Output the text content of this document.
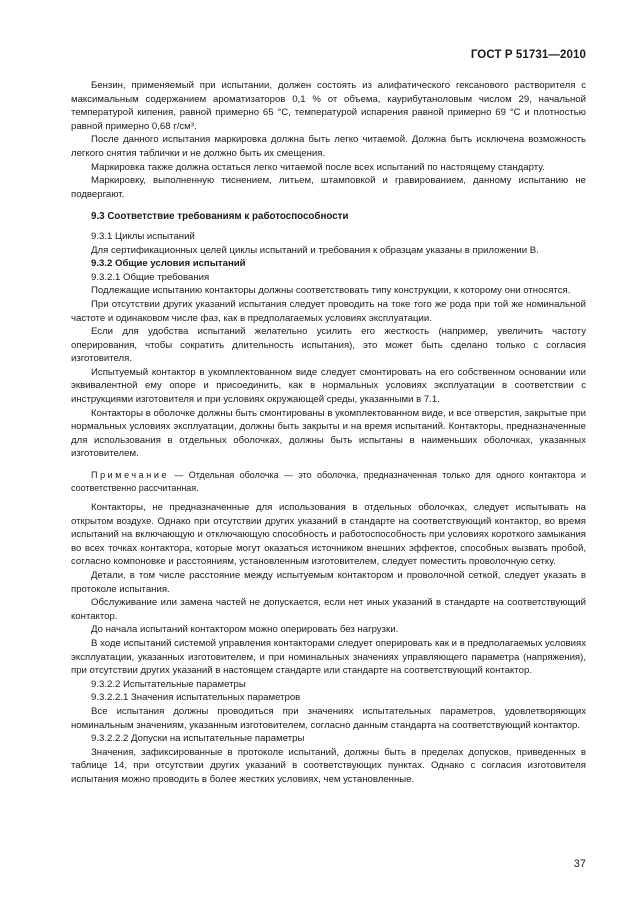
ГОСТ Р 51731—2010

Бензин, применяемый при испытании, должен состоять из алифатического гексанового растворителя с максимальным содержанием ароматизаторов 0,1 % от объема, каурибутаноловым числом 29, начальной температурой кипения, равной примерно 65 °С, температурой испарения равной примерно 69 °С и плотностью равной примерно 0,68 г/см³.

После данного испытания маркировка должна быть легко читаемой. Должна быть исключена возможность легкого снятия таблички и не должно быть их смещения.

Маркировка также должна остаться легко читаемой после всех испытаний по настоящему стандарту.

Маркировку, выполненную тиснением, литьем, штамповкой и гравированием, данному испытанию не подвергают.

9.3 Соответствие требованиям к работоспособности

9.3.1 Циклы испытаний

Для сертификационных целей циклы испытаний и требования к образцам указаны в приложении В.

9.3.2 Общие условия испытаний

9.3.2.1 Общие требования

Подлежащие испытанию контакторы должны соответствовать типу конструкции, к которому они относятся.

При отсутствии других указаний испытания следует проводить на токе того же рода при той же номинальной частоте и одинаковом числе фаз, как в предполагаемых условиях эксплуатации.

Если для удобства испытаний желательно усилить его жесткость (например, увеличить частоту оперирования, чтобы сократить длительность испытания), это может быть сделано только с согласия изготовителя.

Испытуемый контактор в укомплектованном виде следует смонтировать на его собственном основании или эквивалентной ему опоре и присоединить, как в нормальных условиях эксплуатации в соответствии с инструкциями изготовителя и при условиях окружающей среды, указанными в 7.1.

Контакторы в оболочке должны быть смонтированы в укомплектованном виде, и все отверстия, закрытые при нормальных условиях эксплуатации, должны быть закрыты и на время испытаний. Контакторы, предназначенные для использования в отдельных оболочках, должны быть испытаны в наименьших оболочках, указанных изготовителем.

Примечание — Отдельная оболочка — это оболочка, предназначенная только для одного контактора и соответственно рассчитанная.

Контакторы, не предназначенные для использования в отдельных оболочках, следует испытывать на открытом воздухе. Однако при отсутствии других указаний в стандарте на соответствующий контактор, во время испытаний на включающую и отключающую способность и работоспособность при условиях короткого замыкания во всех точках контактора, которые могут оказаться источником внешних эффектов, способных вызвать пробой, согласно компоновке и расстояниям, установленным изготовителем, следует поместить проволочную сетку.

Детали, в том числе расстояние между испытуемым контактором и проволочной сеткой, следует указать в протоколе испытания.

Обслуживание или замена частей не допускается, если нет иных указаний в стандарте на соответствующий контактор.

До начала испытаний контактором можно оперировать без нагрузки.

В ходе испытаний системой управления контакторами следует оперировать как и в предполагаемых условиях эксплуатации, указанных изготовителем, и при номинальных значениях управляющего параметра (напряжения), при отсутствии других указаний в настоящем стандарте или стандарте на соответствующий контактор.

9.3.2.2 Испытательные параметры

9.3.2.2.1 Значения испытательных параметров

Все испытания должны проводиться при значениях испытательных параметров, удовлетворяющих номинальным значениям, указанным изготовителем, согласно данным стандарта на соответствующий контактор.

9.3.2.2.2 Допуски на испытательные параметры

Значения, зафиксированные в протоколе испытаний, должны быть в пределах допусков, приведенных в таблице 14, при отсутствии других указаний в соответствующих пунктах. Однако с согласия изготовителя испытания можно проводить в более жестких условиях, чем установленные.

37
